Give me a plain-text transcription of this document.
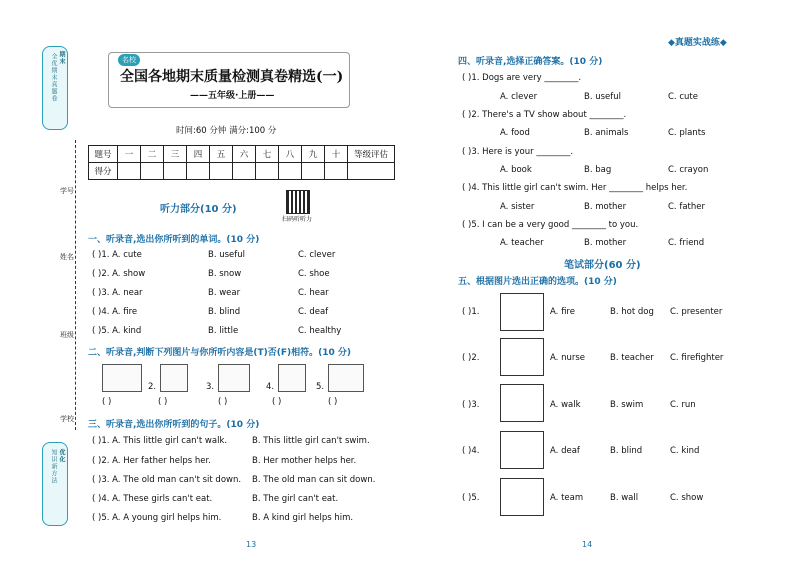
全优期末真题卷 期末
知识新方法 优化
学号
姓名
班级
学校
名校
全国各地期末质量检测真卷精选(一)
——五年级·上册——
时间:60 分钟 满分:100 分
题号	一	二	三	四	五	六	七	八	九	十	等级评估
得分											
听力部分(10 分)
扫码听听力
一、听录音,选出你所听到的单词。(10 分)
( )1. A. cute	B. useful	C. clever
( )2. A. show	B. snow	C. shoe
( )3. A. near	B. wear	C. hear
( )4. A. fire	B. blind	C. deaf
( )5. A. kind	B. little	C. healthy
二、听录音,判断下列图片与你所听内容是(T)否(F)相符。(10 分)
2.	3.	4.	5.
( )	( )	( )	( )	( )
三、听录音,选出你所听到的句子。(10 分)
( )1. A. This little girl can't walk.	B. This little girl can't swim.
( )2. A. Her father helps her.	B. Her mother helps her.
( )3. A. The old man can't sit down. B. The old man can sit down.
( )4. A. These girls can't eat.	B. The girl can't eat.
( )5. A. A young girl helps him.	B. A kind girl helps him.
13
◆真题实战练◆
四、听录音,选择正确答案。(10 分)
( )1. Dogs are very ________.
A. clever	B. useful	C. cute
( )2. There's a TV show about ________.
A. food	B. animals	C. plants
( )3. Here is your ________.
A. book	B. bag	C. crayon
( )4. This little girl can't swim. Her ________ helps her.
A. sister	B. mother	C. father
( )5. I can be a very good ________ to you.
A. teacher	B. mother	C. friend
笔试部分(60 分)
五、根据图片选出正确的选项。(10 分)
( )1.	A. fire	B. hot dog C. presenter
( )2.	A. nurse	B. teacher C. firefighter
( )3.	A. walk	B. swim	C. run
( )4.	A. deaf	B. blind	C. kind
( )5.	A. team	B. wall	C. show
14
